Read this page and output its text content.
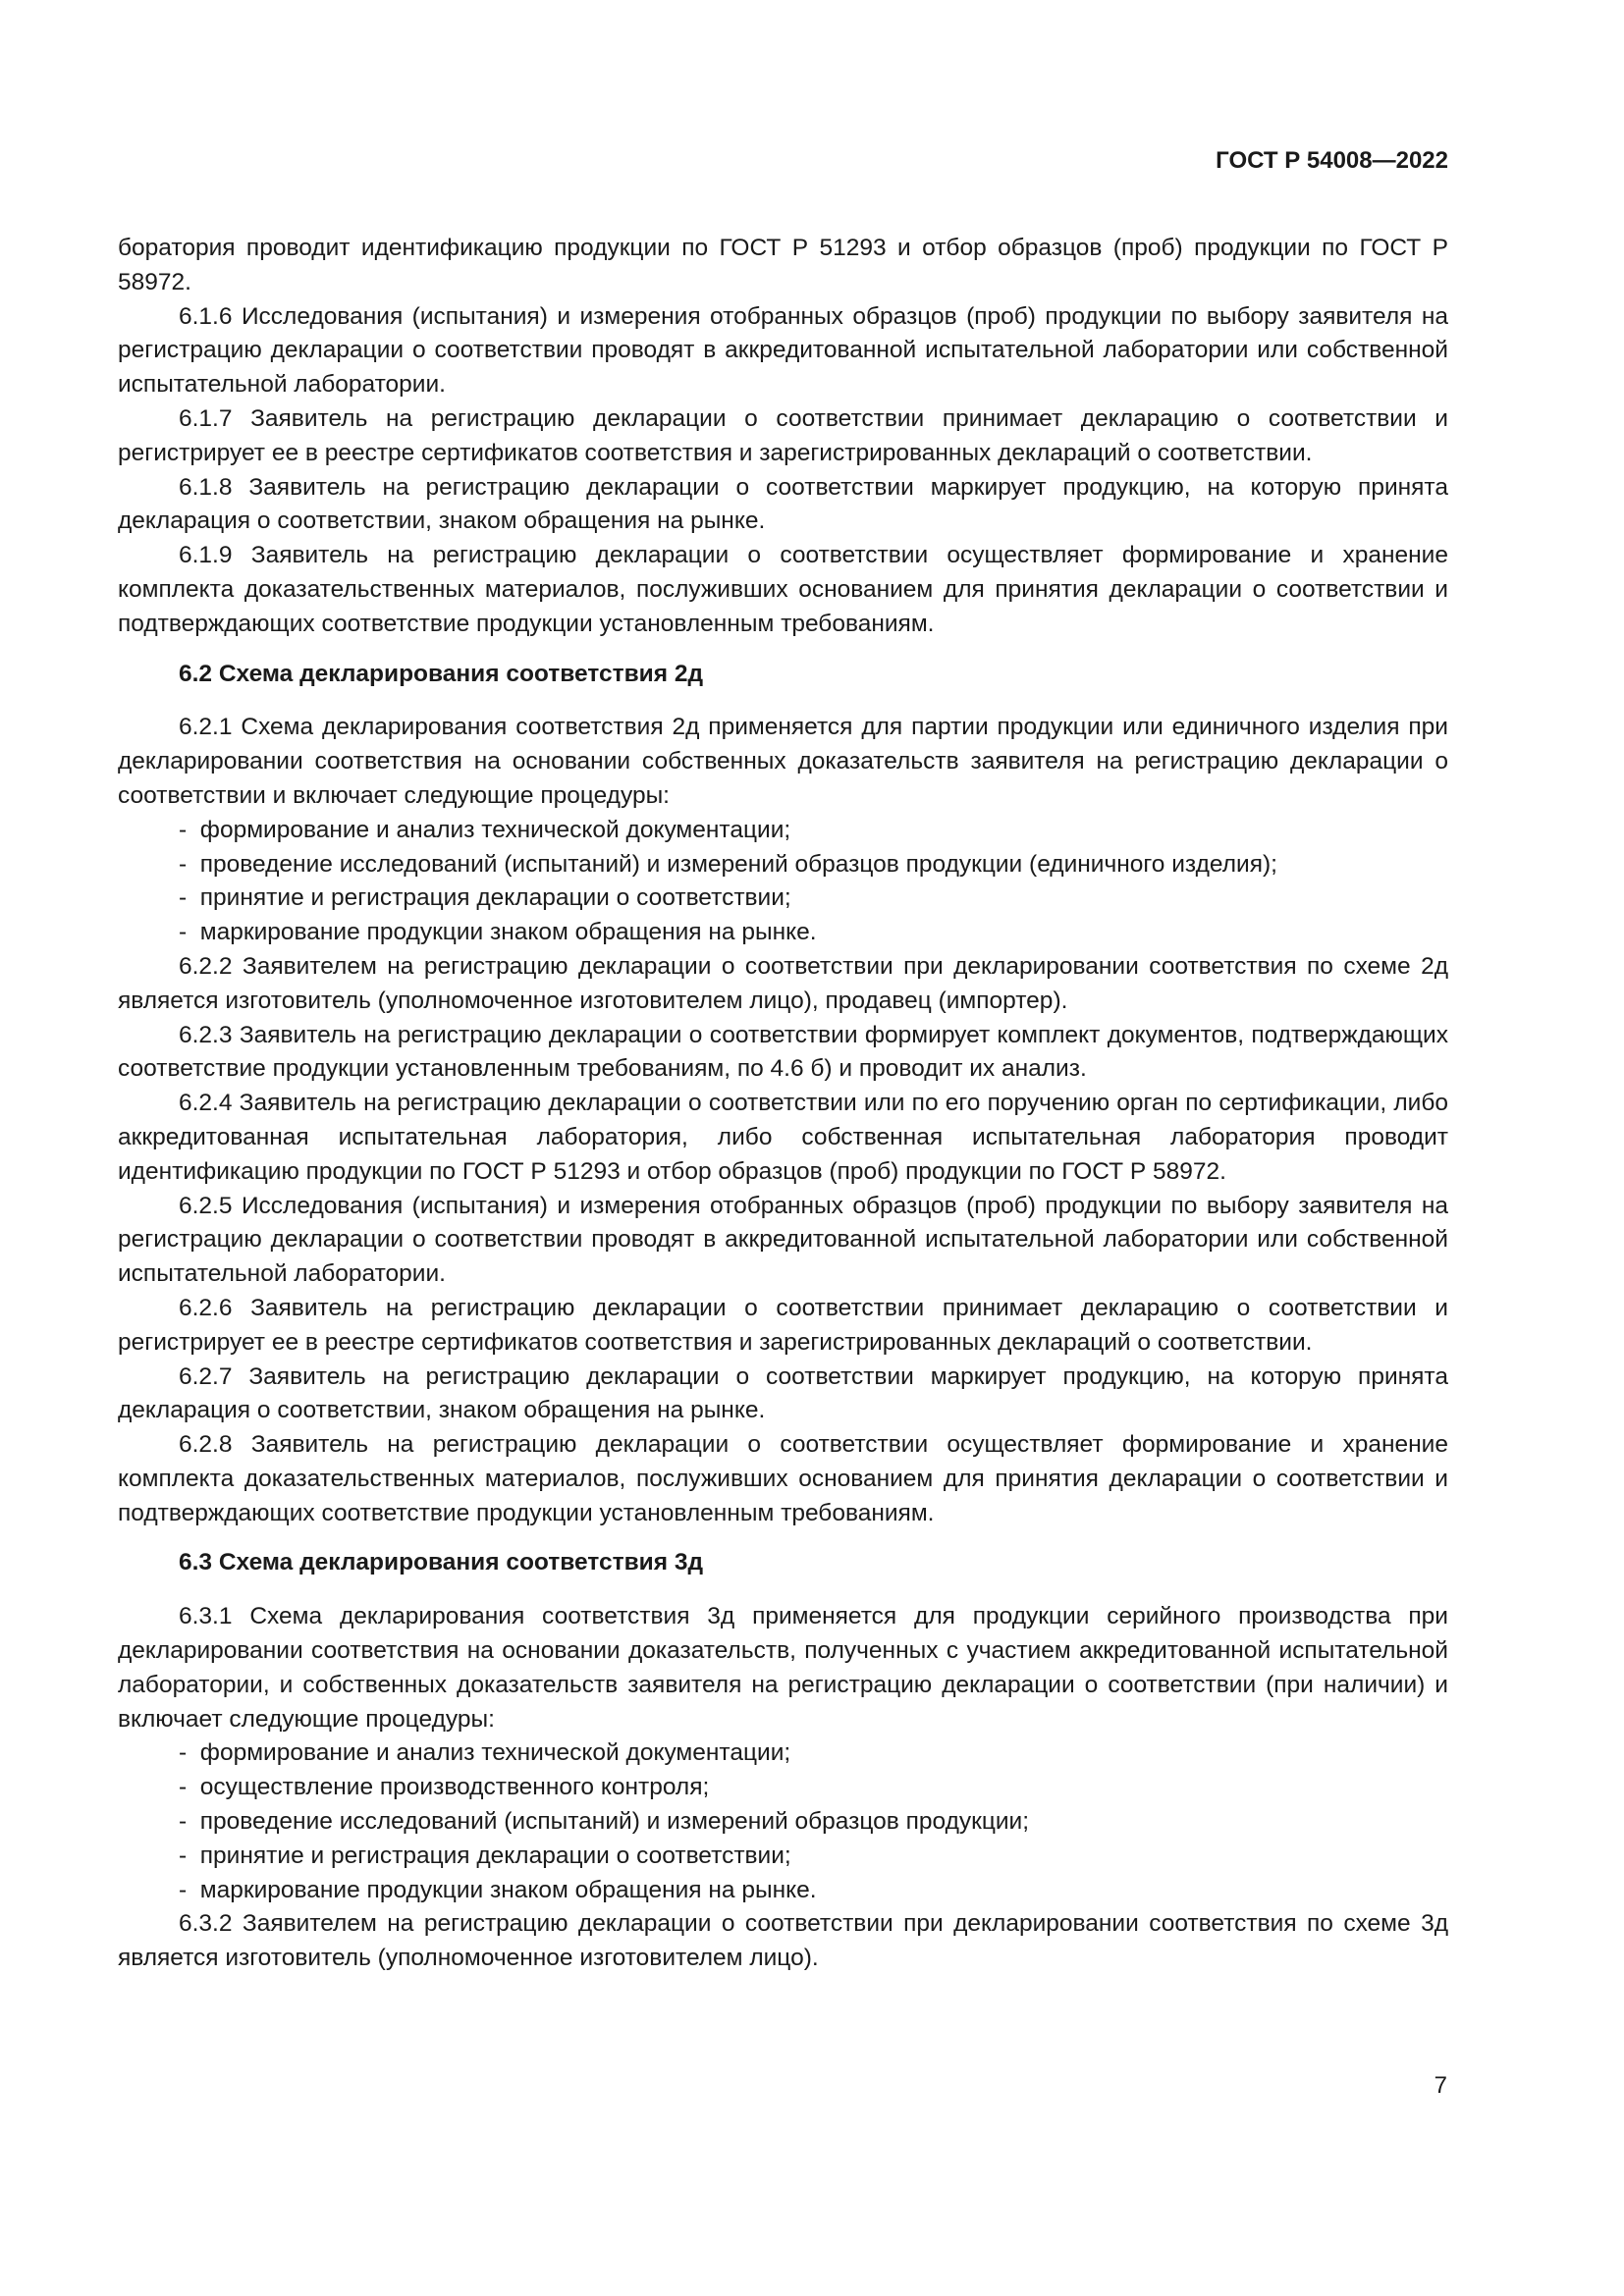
ГОСТ Р 54008—2022

боратория проводит идентификацию продукции по ГОСТ Р 51293 и отбор образцов (проб) продукции по ГОСТ Р 58972.

6.1.6 Исследования (испытания) и измерения отобранных образцов (проб) продукции по выбору заявителя на регистрацию декларации о соответствии проводят в аккредитованной испытательной лаборатории или собственной испытательной лаборатории.

6.1.7 Заявитель на регистрацию декларации о соответствии принимает декларацию о соответствии и регистрирует ее в реестре сертификатов соответствия и зарегистрированных деклараций о соответствии.

6.1.8 Заявитель на регистрацию декларации о соответствии маркирует продукцию, на которую принята декларация о соответствии, знаком обращения на рынке.

6.1.9 Заявитель на регистрацию декларации о соответствии осуществляет формирование и хранение комплекта доказательственных материалов, послуживших основанием для принятия декларации о соответствии и подтверждающих соответствие продукции установленным требованиям.

6.2 Схема декларирования соответствия 2д

6.2.1 Схема декларирования соответствия 2д применяется для партии продукции или единичного изделия при декларировании соответствия на основании собственных доказательств заявителя на регистрацию декларации о соответствии и включает следующие процедуры:

-  формирование и анализ технической документации;
-  проведение исследований (испытаний) и измерений образцов продукции (единичного изделия);
-  принятие и регистрация декларации о соответствии;
-  маркирование продукции знаком обращения на рынке.

6.2.2 Заявителем на регистрацию декларации о соответствии при декларировании соответствия по схеме 2д является изготовитель (уполномоченное изготовителем лицо), продавец (импортер).

6.2.3 Заявитель на регистрацию декларации о соответствии формирует комплект документов, подтверждающих соответствие продукции установленным требованиям, по 4.6 б) и проводит их анализ.

6.2.4 Заявитель на регистрацию декларации о соответствии или по его поручению орган по сертификации, либо аккредитованная испытательная лаборатория, либо собственная испытательная лаборатория проводит идентификацию продукции по ГОСТ Р 51293 и отбор образцов (проб) продукции по ГОСТ Р 58972.

6.2.5 Исследования (испытания) и измерения отобранных образцов (проб) продукции по выбору заявителя на регистрацию декларации о соответствии проводят в аккредитованной испытательной лаборатории или собственной испытательной лаборатории.

6.2.6 Заявитель на регистрацию декларации о соответствии принимает декларацию о соответствии и регистрирует ее в реестре сертификатов соответствия и зарегистрированных деклараций о соответствии.

6.2.7 Заявитель на регистрацию декларации о соответствии маркирует продукцию, на которую принята декларация о соответствии, знаком обращения на рынке.

6.2.8 Заявитель на регистрацию декларации о соответствии осуществляет формирование и хранение комплекта доказательственных материалов, послуживших основанием для принятия декларации о соответствии и подтверждающих соответствие продукции установленным требованиям.

6.3 Схема декларирования соответствия 3д

6.3.1 Схема декларирования соответствия 3д применяется для продукции серийного производства при декларировании соответствия на основании доказательств, полученных с участием аккредитованной испытательной лаборатории, и собственных доказательств заявителя на регистрацию декларации о соответствии (при наличии) и включает следующие процедуры:

-  формирование и анализ технической документации;
-  осуществление производственного контроля;
-  проведение исследований (испытаний) и измерений образцов продукции;
-  принятие и регистрация декларации о соответствии;
-  маркирование продукции знаком обращения на рынке.

6.3.2 Заявителем на регистрацию декларации о соответствии при декларировании соответствия по схеме 3д является изготовитель (уполномоченное изготовителем лицо).

7
